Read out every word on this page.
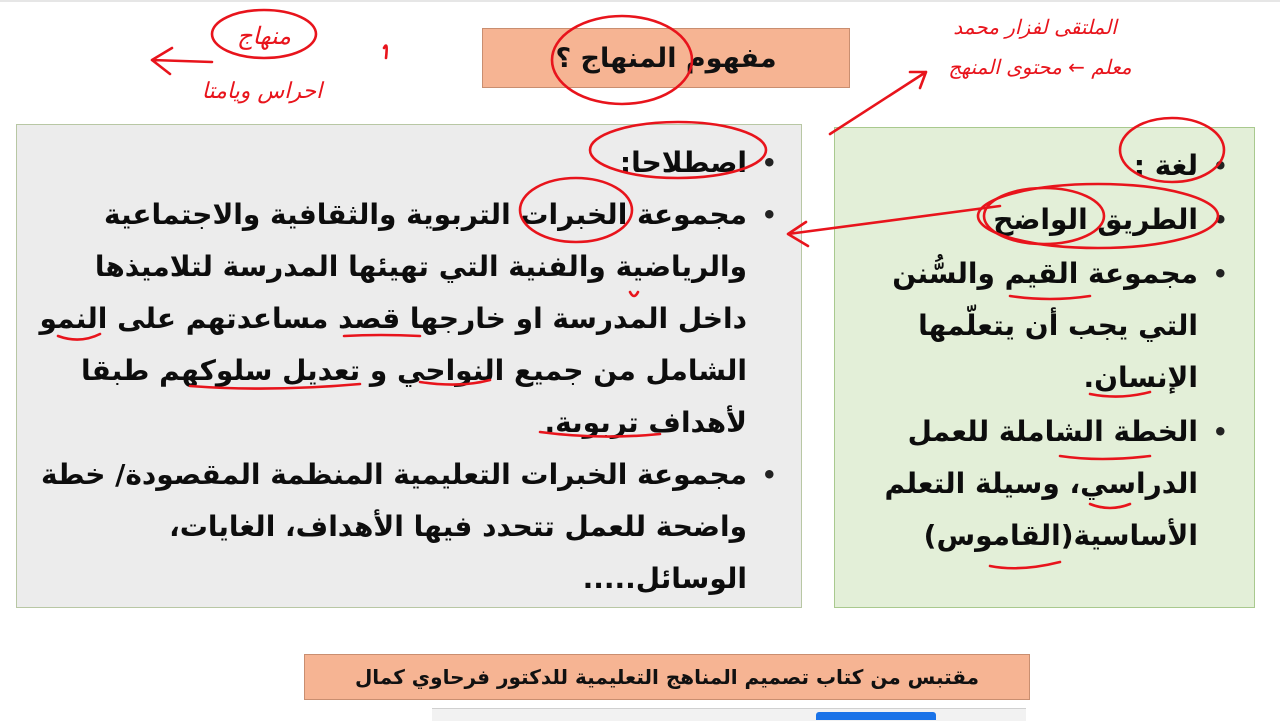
مفهوم المنهاج ؟
• اصطلاحا:
• مجموعة الخبرات التربوية والثقافية والاجتماعية والرياضية والفنية التي تهيئها المدرسة لتلاميذها داخل المدرسة او خارجها قصد مساعدتهم على النمو الشامل من جميع النواحي و تعديل سلوكهم طبقا لأهداف تربوية.
• مجموعة الخبرات التعليمية المنظمة المقصودة/ خطة واضحة للعمل تتحدد فيها الأهداف، الغايات، الوسائل.....
• لغة :
• الطريق الواضح
• مجموعة القيم والسُّنن التي يجب أن يتعلّمها الإنسان.
• الخطة الشاملة للعمل الدراسي، وسيلة التعلم الأساسية(القاموس)
مقتبس من كتاب تصميم المناهج التعليمية للدكتور فرحاوي كمال
منهاج
احراس ويامتا
الملتقى لفزار محمد
معلم ← محتوى المنهج
